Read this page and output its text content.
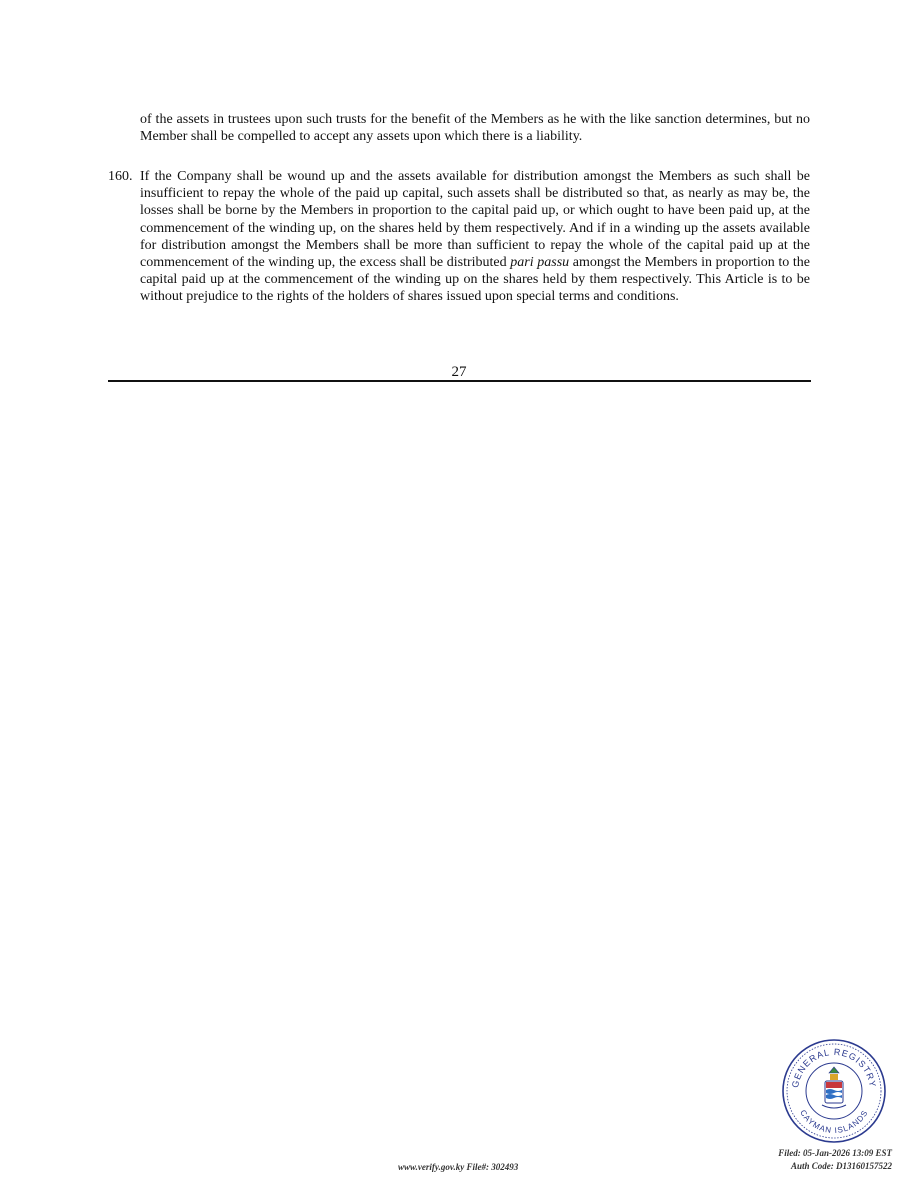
of the assets in trustees upon such trusts for the benefit of the Members as he with the like sanction determines, but no Member shall be compelled to accept any assets upon which there is a liability.

160. If the Company shall be wound up and the assets available for distribution amongst the Members as such shall be insufficient to repay the whole of the paid up capital, such assets shall be distributed so that, as nearly as may be, the losses shall be borne by the Members in proportion to the capital paid up, or which ought to have been paid up, at the commencement of the winding up, on the shares held by them respectively. And if in a winding up the assets available for distribution amongst the Members shall be more than sufficient to repay the whole of the capital paid up at the commencement of the winding up, the excess shall be distributed pari passu amongst the Members in proportion to the capital paid up at the commencement of the winding up on the shares held by them respectively. This Article is to be without prejudice to the rights of the holders of shares issued upon special terms and conditions.
27
GENERAL REGISTRY
CAYMAN ISLANDS
www.verify.gov.ky File#: 302493
Filed: 05-Jan-2026 13:09 EST
Auth Code: D13160157522
